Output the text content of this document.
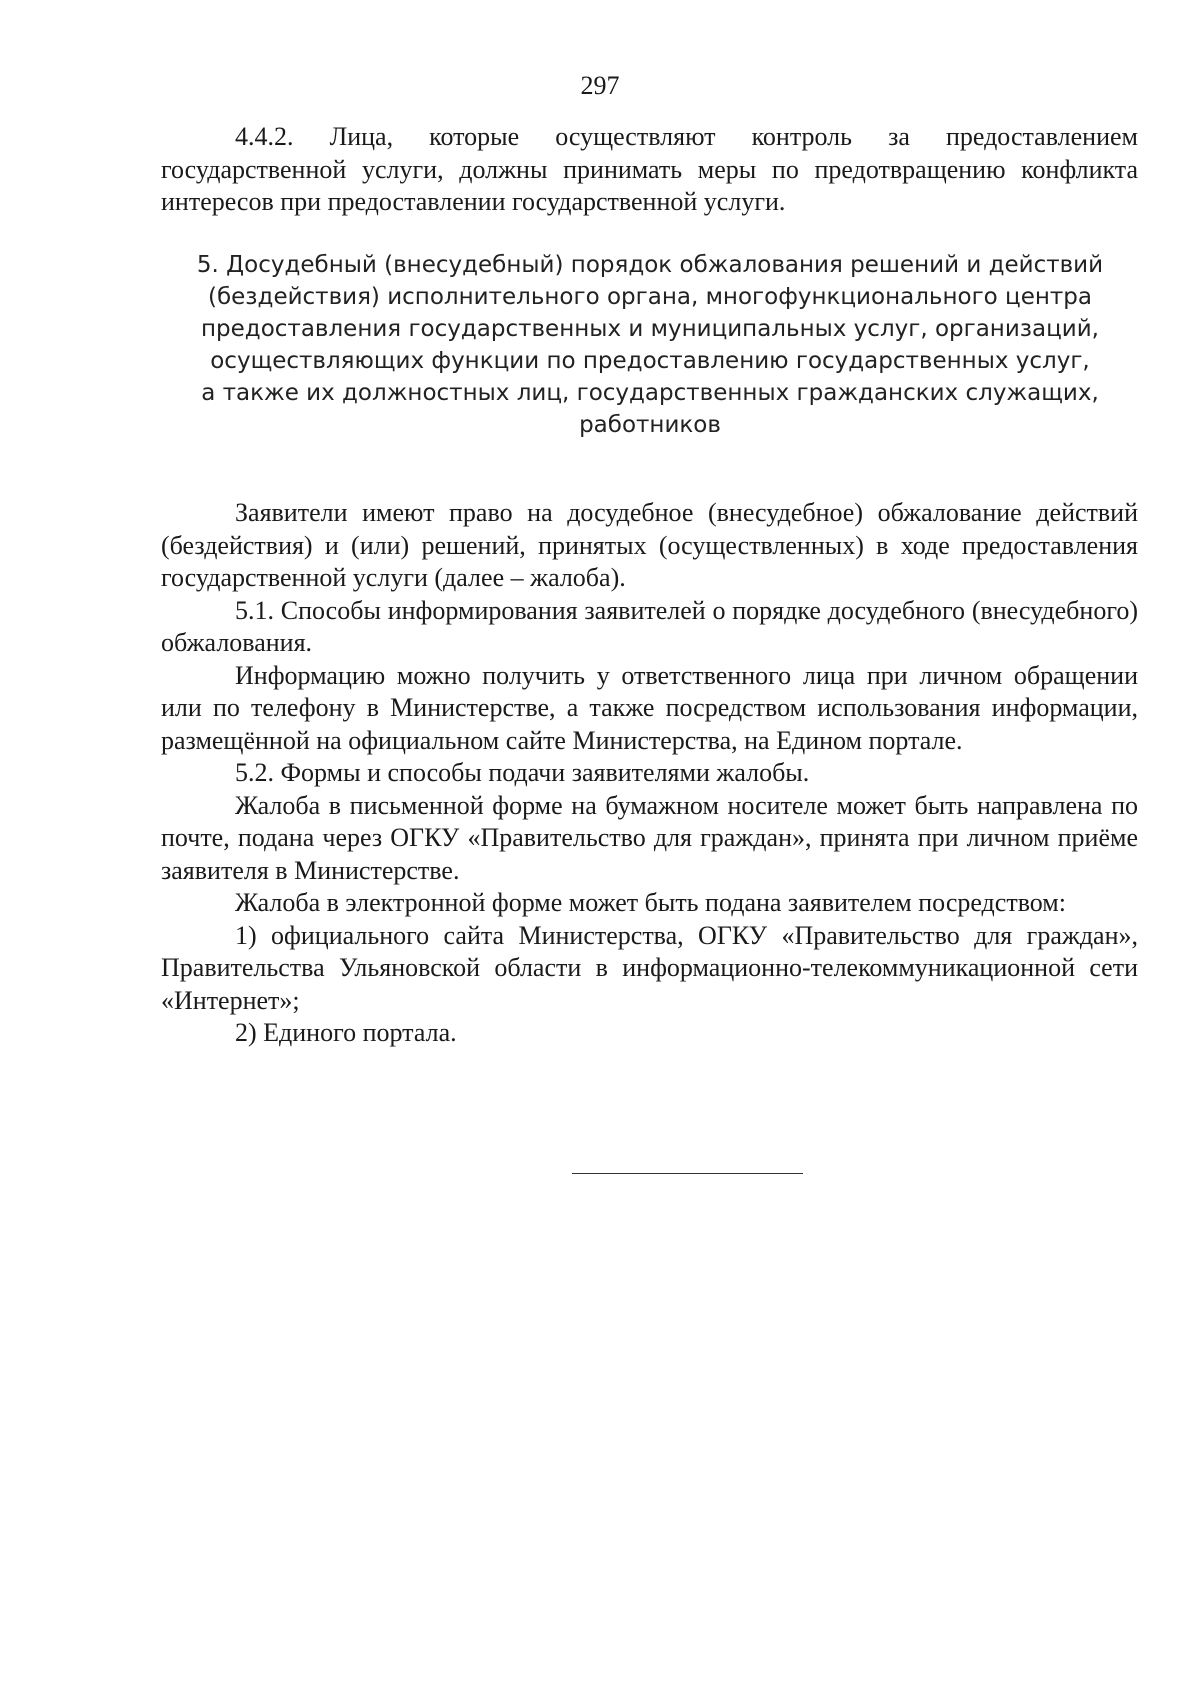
297

4.4.2. Лица, которые осуществляют контроль за предоставлением государственной услуги, должны принимать меры по предотвращению конфликта интересов при предоставлении государственной услуги.

5. Досудебный (внесудебный) порядок обжалования решений и действий
(бездействия) исполнительного органа, многофункционального центра
предоставления государственных и муниципальных услуг, организаций,
осуществляющих функции по предоставлению государственных услуг,
а также их должностных лиц, государственных гражданских служащих,
работников

Заявители имеют право на досудебное (внесудебное) обжалование действий (бездействия) и (или) решений, принятых (осуществленных) в ходе предоставления государственной услуги (далее – жалоба).

5.1. Способы информирования заявителей о порядке досудебного (внесудебного) обжалования.

Информацию можно получить у ответственного лица при личном обращении или по телефону в Министерстве, а также посредством использования информации, размещённой на официальном сайте Министерства, на Едином портале.

5.2. Формы и способы подачи заявителями жалобы.

Жалоба в письменной форме на бумажном носителе может быть направлена по почте, подана через ОГКУ «Правительство для граждан», принята при личном приёме заявителя в Министерстве.

Жалоба в электронной форме может быть подана заявителем посредством:

1) официального сайта Министерства, ОГКУ «Правительство для граждан», Правительства Ульяновской области в информационно-телекоммуникационной сети «Интернет»;

2) Единого портала.
